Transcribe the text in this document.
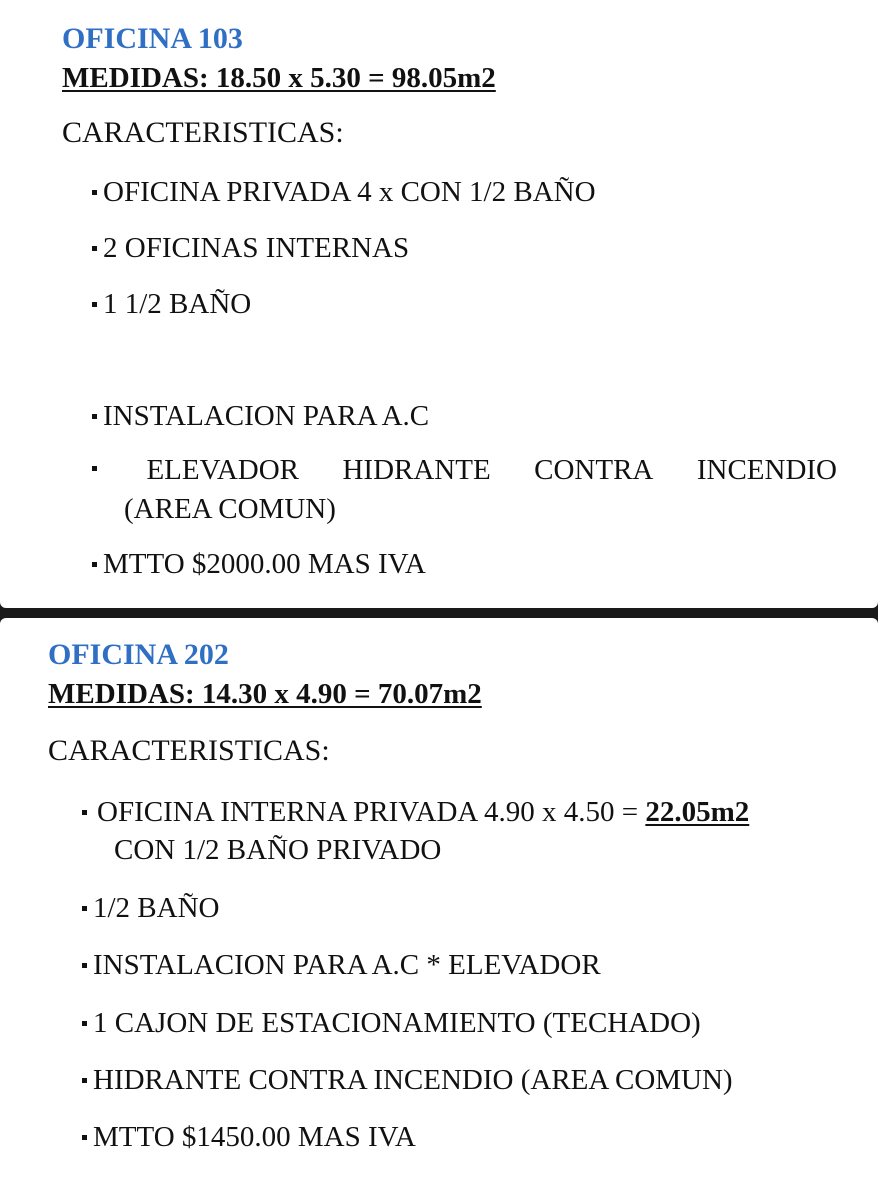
OFICINA 103
MEDIDAS: 18.50 x 5.30 = 98.05m2
CARACTERISTICAS:
OFICINA PRIVADA 4 x CON 1/2 BAÑO
2 OFICINAS INTERNAS
1 1/2 BAÑO
INSTALACION PARA A.C
ELEVADOR HIDRANTE CONTRA INCENDIO
(AREA COMUN)
MTTO $2000.00 MAS IVA
OFICINA 202
MEDIDAS: 14.30 x 4.90 = 70.07m2
CARACTERISTICAS:
OFICINA INTERNA PRIVADA 4.90 x 4.50 = 22.05m2
CON 1/2 BAÑO PRIVADO
1/2 BAÑO
INSTALACION PARA A.C * ELEVADOR
1 CAJON DE ESTACIONAMIENTO (TECHADO)
HIDRANTE CONTRA INCENDIO (AREA COMUN)
MTTO $1450.00 MAS IVA
